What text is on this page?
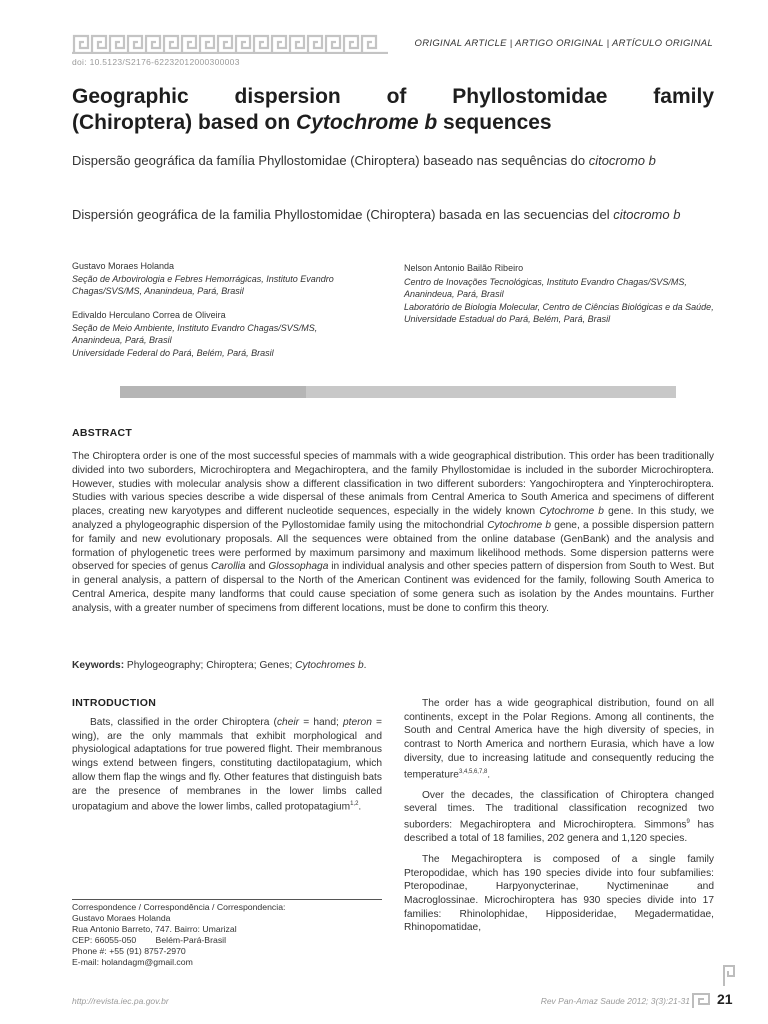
ORIGINAL ARTICLE | ARTIGO ORIGINAL | ARTÍCULO ORIGINAL
doi: 10.5123/S2176-62232012000300003
Geographic dispersion of Phyllostomidae family
(Chiroptera) based on Cytochrome b sequences
Dispersão geográfica da família Phyllostomidae (Chiroptera) baseado nas sequências do citocromo b
Dispersión geográfica de la familia Phyllostomidae (Chiroptera) basada en las secuencias del citocromo b
Gustavo Moraes Holanda
Seção de Arbovirologia e Febres Hemorrágicas, Instituto Evandro Chagas/SVS/MS, Ananindeua, Pará, Brasil
Edivaldo Herculano Correa de Oliveira
Seção de Meio Ambiente, Instituto Evandro Chagas/SVS/MS, Ananindeua, Pará, Brasil
Universidade Federal do Pará, Belém, Pará, Brasil
Nelson Antonio Bailão Ribeiro
Centro de Inovações Tecnológicas, Instituto Evandro Chagas/SVS/MS, Ananindeua, Pará, Brasil
Laboratório de Biologia Molecular, Centro de Ciências Biológicas e da Saúde, Universidade Estadual do Pará, Belém, Pará, Brasil
ABSTRACT
The Chiroptera order is one of the most successful species of mammals with a wide geographical distribution. This order has been traditionally divided into two suborders, Microchiroptera and Megachiroptera, and the family Phyllostomidae is included in the suborder Microchiroptera. However, studies with molecular analysis show a different classification in two different suborders: Yangochiroptera and Yinpterochiroptera. Studies with various species describe a wide dispersal of these animals from Central America to South America and specimens of different places, creating new karyotypes and different nucleotide sequences, especially in the widely known Cytochrome b gene. In this study, we analyzed a phylogeographic dispersion of the Pyllostomidae family using the mitochondrial Cytochrome b gene, a possible dispersion pattern for family and new evolutionary proposals. All the sequences were obtained from the online database (GenBank) and the analysis and formation of phylogenetic trees were performed by maximum parsimony and maximum likelihood methods. Some dispersion patterns were observed for species of genus Carollia and Glossophaga in individual analysis and other species pattern of dispersion from South to West. But in general analysis, a pattern of dispersal to the North of the American Continent was evidenced for the family, following South America to Central America, despite many landforms that could cause speciation of some genera such as isolation by the Andes mountains. Further analysis, with a greater number of specimens from different locations, must be done to confirm this theory.
Keywords: Phylogeography; Chiroptera; Genes; Cytochromes b.
INTRODUCTION

Bats, classified in the order Chiroptera (cheir = hand; pteron = wing), are the only mammals that exhibit morphological and physiological adaptations for true powered flight. Their membranous wings extend between fingers, constituting dactilopatagium, which allow them flap the wings and fly. Other features that distinguish bats are the presence of membranes in the lower limbs called uropatagium and above the lower limbs, called protopatagium$^{1,2}$.

The order has a wide geographical distribution, found on all continents, except in the Polar Regions. Among all continents, the South and Central America have the high diversity of species, in contrast to North America and northern Eurasia, which have a low diversity, due to increasing latitude and consequently reducing the temperature$^{3,4,5,6,7,8}$.

Over the decades, the classification of Chiroptera changed several times. The traditional classification recognized two suborders: Megachiroptera and Microchiroptera. Simmons$^9$ has described a total of 18 families, 202 genera and 1,120 species.

The Megachiroptera is composed of a single family Pteropodidae, which has 190 species divide into four subfamilies: Pteropodinae, Harpyonycterinae, Nyctimeninae and Macroglossinae. Microchiroptera has 930 species divide into 17 families: Rhinolophidae, Hipposideridae, Megadermatidae, Rhinopomatidae,

Correspondence / Correspondência / Correspondencia:
Gustavo Moraes Holanda
Rua Antonio Barreto, 747. Bairro: Umarizal
CEP: 66055-050        Belém-Pará-Brasil
Phone #: +55 (91) 8757-2970
E-mail: holandagm@gmail.com
http://revista.iec.pa.gov.br	Rev Pan-Amaz Saude 2012; 3(3):21-31 21
